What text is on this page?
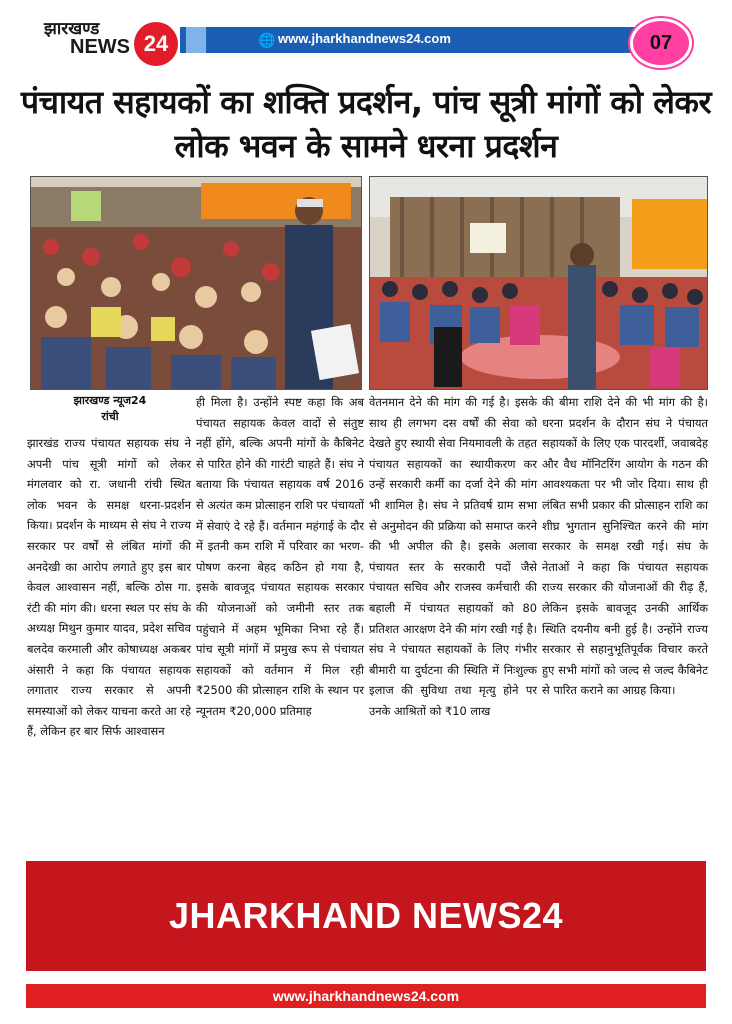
झारखण्ड
NEWS 24	🌐 www.jharkhandnews24.com	07
पंचायत सहायकों का शक्ति प्रदर्शन, पांच सूत्री मांगों को लेकर लोक भवन के सामने धरना प्रदर्शन
झारखण्ड न्यूज24
रांची
झारखंड राज्य पंचायत सहायक संघ ने अपनी पांच सूत्री मांगों को लेकर मंगलवार को रा. जधानी रांची स्थित लोक भवन के समक्ष धरना-प्रदर्शन किया। प्रदर्शन के माध्यम से संघ ने राज्य सरकार पर वर्षों से लंबित मांगों की अनदेखी का आरोप लगाते हुए इस बार केवल आश्वासन नहीं, बल्कि ठोस गा. रंटी की मांग की। धरना स्थल पर संघ के अध्यक्ष मिथुन कुमार यादव, प्रदेश सचिव बलदेव करमाली और कोषाध्यक्ष अकबर अंसारी ने कहा कि पंचायत सहायक लगातार राज्य सरकार से अपनी समस्याओं को लेकर याचना करते आ रहे हैं, लेकिन हर बार सिर्फ आश्वासन
ही मिला है। उन्होंने स्पष्ट कहा कि अब पंचायत सहायक केवल वादों से संतुष्ट नहीं होंगे, बल्कि अपनी मांगों के कैबिनेट से पारित होने की गारंटी चाहते हैं। संघ ने बताया कि पंचायत सहायक वर्ष 2016 से अत्यंत कम प्रोत्साहन राशि पर पंचायतों में सेवाएं दे रहे हैं। वर्तमान महंगाई के दौर में इतनी कम राशि में परिवार का भरण-पोषण करना बेहद कठिन हो गया है, इसके बावजूद पंचायत सहायक सरकार की योजनाओं को जमीनी स्तर तक पहुंचाने में अहम भूमिका निभा रहे हैं। पांच सूत्री मांगों में प्रमुख रूप से पंचायत सहायकों को वर्तमान में मिल रही ₹2500 की प्रोत्साहन राशि के स्थान पर न्यूनतम ₹20,000 प्रतिमाह
वेतनमान देने की मांग की गई है। इसके साथ ही लगभग दस वर्षों की सेवा को देखते हुए स्थायी सेवा नियमावली के तहत पंचायत सहायकों का स्थायीकरण कर उन्हें सरकारी कर्मी का दर्जा देने की मांग भी शामिल है। संघ ने प्रतिवर्ष ग्राम सभा से अनुमोदन की प्रक्रिया को समाप्त करने की भी अपील की है। इसके अलावा पंचायत स्तर के सरकारी पदों जैसे पंचायत सचिव और राजस्व कर्मचारी की बहाली में पंचायत सहायकों को 80 प्रतिशत आरक्षण देने की मांग रखी गई है। संघ ने पंचायत सहायकों के लिए गंभीर बीमारी या दुर्घटना की स्थिति में निःशुल्क इलाज की सुविधा तथा मृत्यु होने पर उनके आश्रितों को ₹10 लाख
की बीमा राशि देने की भी मांग की है। धरना प्रदर्शन के दौरान संघ ने पंचायत सहायकों के लिए एक पारदर्शी, जवाबदेह और वैध मॉनिटरिंग आयोग के गठन की आवश्यकता पर भी जोर दिया। साथ ही लंबित सभी प्रकार की प्रोत्साहन राशि का शीघ्र भुगतान सुनिश्चित करने की मांग सरकार के समक्ष रखी गई। संघ के नेताओं ने कहा कि पंचायत सहायक राज्य सरकार की योजनाओं की रीढ़ हैं, लेकिन इसके बावजूद उनकी आर्थिक स्थिति दयनीय बनी हुई है। उन्होंने राज्य सरकार से सहानुभूतिपूर्वक विचार करते हुए सभी मांगों को जल्द से जल्द कैबिनेट से पारित कराने का आग्रह किया।
JHARKHAND NEWS24
www.jharkhandnews24.com
